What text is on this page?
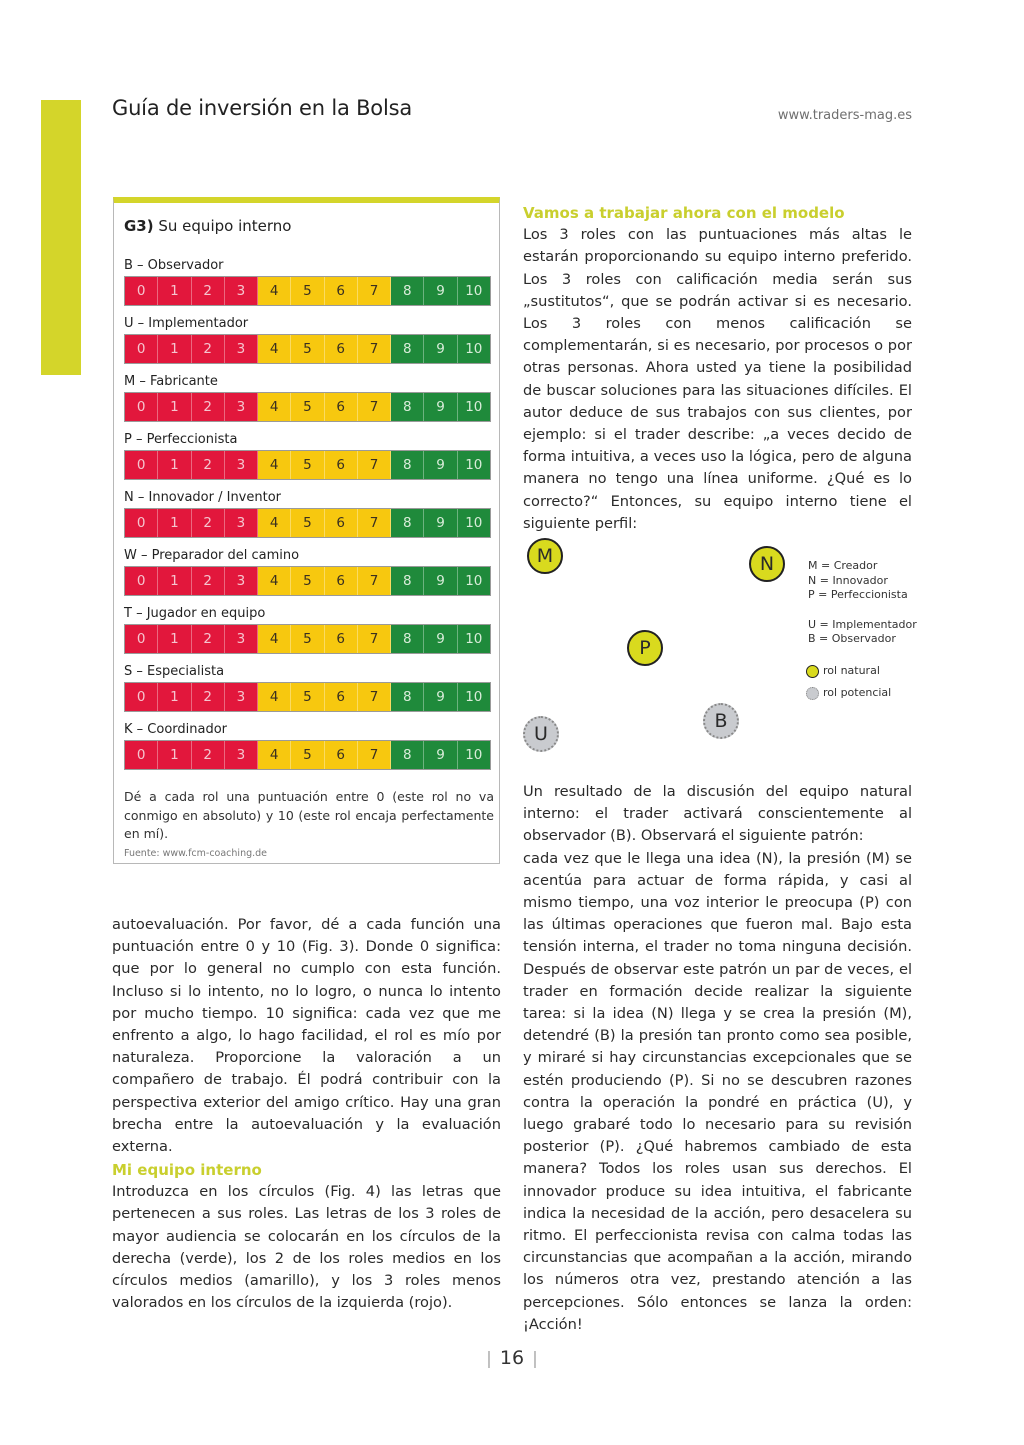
Guía de inversión en la Bolsa	www.traders-mag.es
G3) Su equipo interno
B – Observador
0	1	2	3	4	5	6	7	8	9	10
U – Implementador
0	1	2	3	4	5	6	7	8	9	10
M – Fabricante
0	1	2	3	4	5	6	7	8	9	10
P – Perfeccionista
0	1	2	3	4	5	6	7	8	9	10
N – Innovador / Inventor
0	1	2	3	4	5	6	7	8	9	10
W – Preparador del camino
0	1	2	3	4	5	6	7	8	9	10
T – Jugador en equipo
0	1	2	3	4	5	6	7	8	9	10
S – Especialista
0	1	2	3	4	5	6	7	8	9	10
K – Coordinador
0	1	2	3	4	5	6	7	8	9	10
Dé a cada rol una puntuación entre 0 (este rol no va conmigo en absoluto) y 10 (este rol encaja perfectamente en mí).
Fuente: www.fcm-coaching.de
autoevaluación. Por favor, dé a cada función una puntuación entre 0 y 10 (Fig. 3). Donde 0 significa: que por lo general no cumplo con esta función. Incluso si lo intento, no lo logro, o nunca lo intento por mucho tiempo. 10 significa: cada vez que me enfrento a algo, lo hago facilidad, el rol es mío por naturaleza. Proporcione la valoración a un compañero de trabajo. Él podrá contribuir con la perspectiva exterior del amigo crítico. Hay una gran brecha entre la autoevaluación y la evaluación externa.
Mi equipo interno
Introduzca en los círculos (Fig. 4) las letras que pertenecen a sus roles. Las letras de los 3 roles de mayor audiencia se colocarán en los círculos de la derecha (verde), los 2 de los roles medios en los círculos medios (amarillo), y los 3 roles menos valorados en los círculos de la izquierda (rojo).
Vamos a trabajar ahora con el modelo
Los 3 roles con las puntuaciones más altas le estarán proporcionando su equipo interno preferido. Los 3 roles con calificación media serán sus „sustitutos“, que se podrán activar si es necesario. Los 3 roles con menos calificación se complementarán, si es necesario, por procesos o por otras personas. Ahora usted ya tiene la posibilidad de buscar soluciones para las situaciones difíciles. El autor deduce de sus trabajos con sus clientes, por ejemplo: si el trader describe: „a veces decido de forma intuitiva, a veces uso la lógica, pero de alguna manera no tengo una línea uniforme. ¿Qué es lo correcto?“ Entonces, su equipo interno tiene el siguiente perfil:
M	N
P
U
B
M = Creador
N = Innovador
P = Perfeccionista
U = Implementador
B = Observador
rol natural
rol potencial
Un resultado de la discusión del equipo natural interno: el trader activará conscientemente al observador (B). Observará el siguiente patrón:
cada vez que le llega una idea (N), la presión (M) se acentúa para actuar de forma rápida, y casi al mismo tiempo, una voz interior le preocupa (P) con las últimas operaciones que fueron mal. Bajo esta tensión interna, el trader no toma ninguna decisión. Después de observar este patrón un par de veces, el trader en formación decide realizar la siguiente tarea: si la idea (N) llega y se crea la presión (M), detendré (B) la presión tan pronto como sea posible, y miraré si hay circunstancias excepcionales que se estén produciendo (P). Si no se descubren razones contra la operación la pondré en práctica (U), y luego grabaré todo lo necesario para su revisión posterior (P). ¿Qué habremos cambiado de esta manera? Todos los roles usan sus derechos. El innovador produce su idea intuitiva, el fabricante indica la necesidad de la acción, pero desacelera su ritmo. El perfeccionista revisa con calma todas las circunstancias que acompañan a la acción, mirando los números otra vez, prestando atención a las percepciones. Sólo entonces se lanza la orden: ¡Acción!
| 16 |
